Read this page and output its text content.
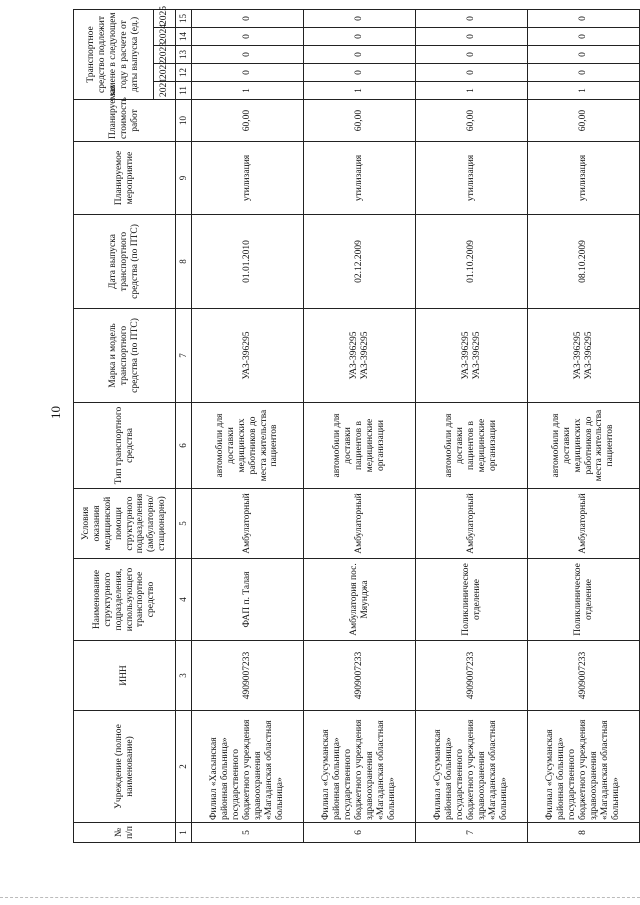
10
№ п/п	Учреждение (полное наименование)	ИНН	Наименование структурного подразделения, использующего транспортное средство	Условия оказания медицинской помощи структурного подразделения (амбулаторно/ стационарно)	Тип транспортного средства	Марка и модель транспортного средства (по ПТС)	Дата выпуска транспортного средства (по ПТС)	Планируемое мероприятие	Планируемая стоимость работ	Транспортное средство подлежит замене в следующем году в расчете от даты выпуска (ед.)				
										2021	2022	2023	2024	2025
1	2	3	4	5	6	7	8	9	10	11	12	13	14	15
5	Филиал «Хасынская районная больница» государственного бюджетного учреждения здравоохранения «Магаданская областная больница»	4909007233	ФАП п. Талая	Амбулаторный	автомобили для доставки медицинских работников до места жительства пациентов	УАЗ-396295	01.01.2010	утилизация	60,00	1	0	0	0	0
6	Филиал «Сусуманская районная больница» государственного бюджетного учреждения здравоохранения «Магаданская областная больница»	4909007233	Амбулатория пос. Мяунджа	Амбулаторный	автомобили для доставки пациентов в медицинские организации	УАЗ-396295 УАЗ-396295	02.12.2009	утилизация	60,00	1	0	0	0	0
7	Филиал «Сусуманская районная больница» государственного бюджетного учреждения здравоохранения «Магаданская областная больница»	4909007233	Поликлиническое отделение	Амбулаторный	автомобили для доставки пациентов в медицинские организации	УАЗ-396295 УАЗ-396295	01.10.2009	утилизация	60,00	1	0	0	0	0
8	Филиал «Сусуманская районная больница» государственного бюджетного учреждения здравоохранения «Магаданская областная больница»	4909007233	Поликлиническое отделение	Амбулаторный	автомобили для доставки медицинских работников до места жительства пациентов	УАЗ-396295 УАЗ-396295	08.10.2009	утилизация	60,00	1	0	0	0	0
